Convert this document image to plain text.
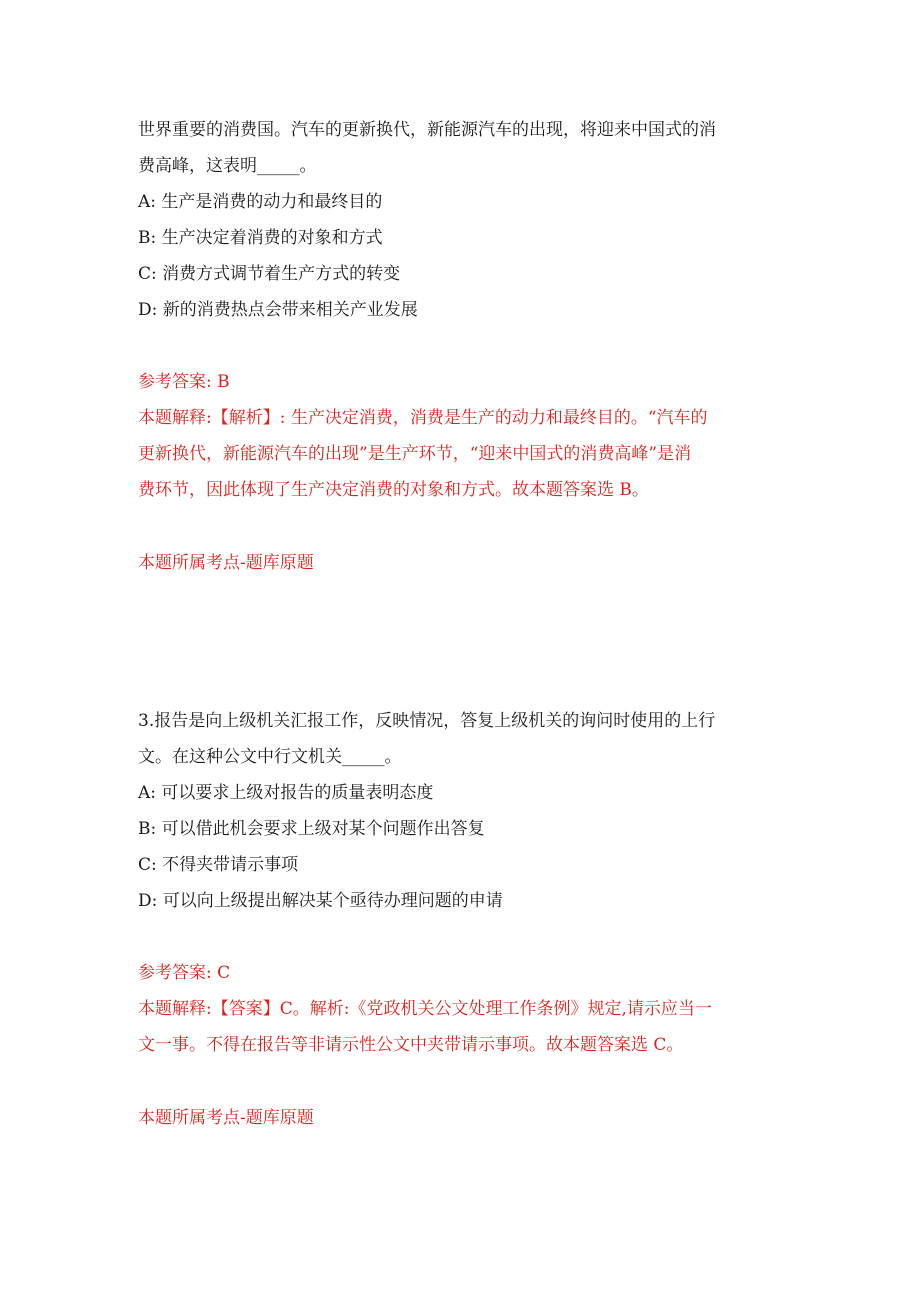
世界重要的消费国。汽车的更新换代，新能源汽车的出现，将迎来中国式的消
费高峰，这表明_____。
A: 生产是消费的动力和最终目的
B: 生产决定着消费的对象和方式
C: 消费方式调节着生产方式的转变
D: 新的消费热点会带来相关产业发展
参考答案: B
本题解释:【解析】: 生产决定消费，消费是生产的动力和最终目的。“汽车的
更新换代，新能源汽车的出现”是生产环节，“迎来中国式的消费高峰”是消
费环节，因此体现了生产决定消费的对象和方式。故本题答案选 B。
本题所属考点-题库原题
3.报告是向上级机关汇报工作，反映情况，答复上级机关的询问时使用的上行
文。在这种公文中行文机关_____。
A: 可以要求上级对报告的质量表明态度
B: 可以借此机会要求上级对某个问题作出答复
C: 不得夹带请示事项
D: 可以向上级提出解决某个亟待办理问题的申请
参考答案: C
本题解释:【答案】C。解析:《党政机关公文处理工作条例》规定,请示应当一
文一事。不得在报告等非请示性公文中夹带请示事项。故本题答案选 C。
本题所属考点-题库原题
